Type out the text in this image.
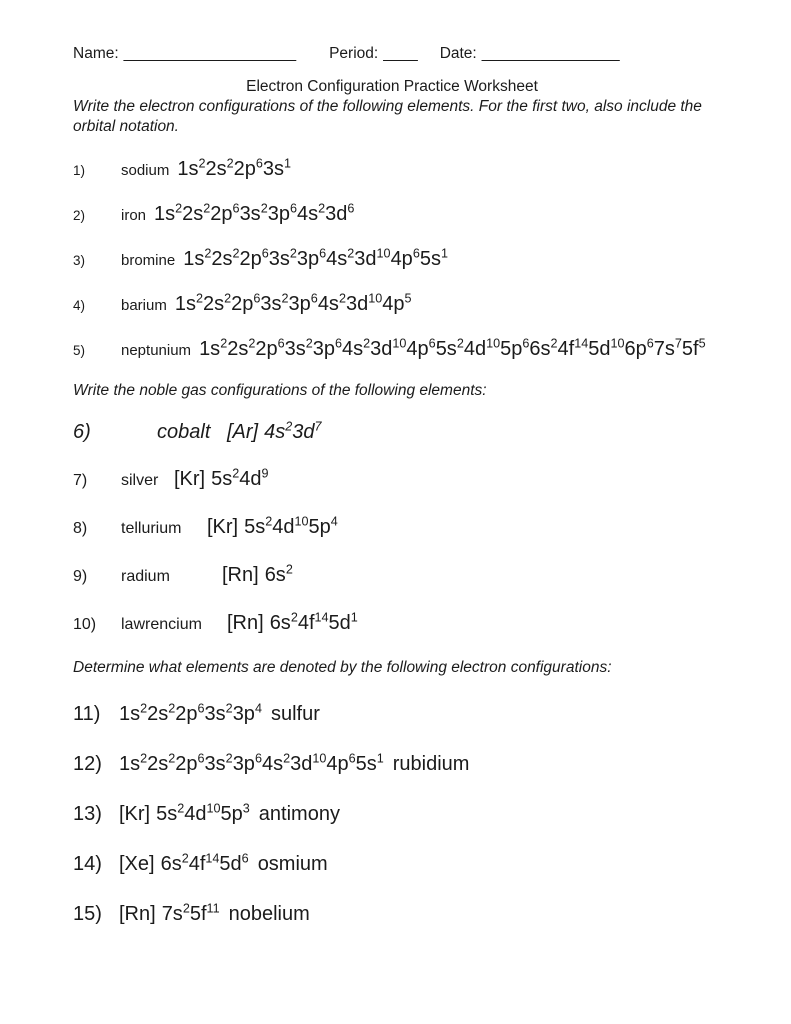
Name: ____________________ Period: ____ Date: ________________
Electron Configuration Practice Worksheet
Write the electron configurations of the following elements. For the first two, also include the orbital notation.
1) sodium $1s^22s^22p^63s^1$
2) iron $1s^22s^22p^63s^23p^64s^23d^6$
3) bromine $1s^22s^22p^63s^23p^64s^23d^{10}4p^65s^1$
4) barium $1s^22s^22p^63s^23p^64s^23d^{10}4p^5$
5) neptunium $1s^22s^22p^63s^23p^64s^23d^{10}4p^65s^24d^{10}5p^66s^24f^{14}5d^{10}6p^67s^75f^5$
Write the noble gas configurations of the following elements:
6)	cobalt [Ar] $4s^23d^7$
7) silver [Kr] $5s^24d^9$
8) tellurium [Kr] $5s^24d^{10}5p^4$
9) radium	[Rn] $6s^2$
10) lawrencium [Rn] $6s^24f^{14}5d^1$
Determine what elements are denoted by the following electron configurations:
11) $1s^22s^22p^63s^23p^4$ sulfur
12) $1s^22s^22p^63s^23p^64s^23d^{10}4p^65s^1$ rubidium
13) [Kr] $5s^24d^{10}5p^3$ antimony
14) [Xe] $6s^24f^{14}5d^6$ osmium
15) [Rn] $7s^25f^{11}$ nobelium
